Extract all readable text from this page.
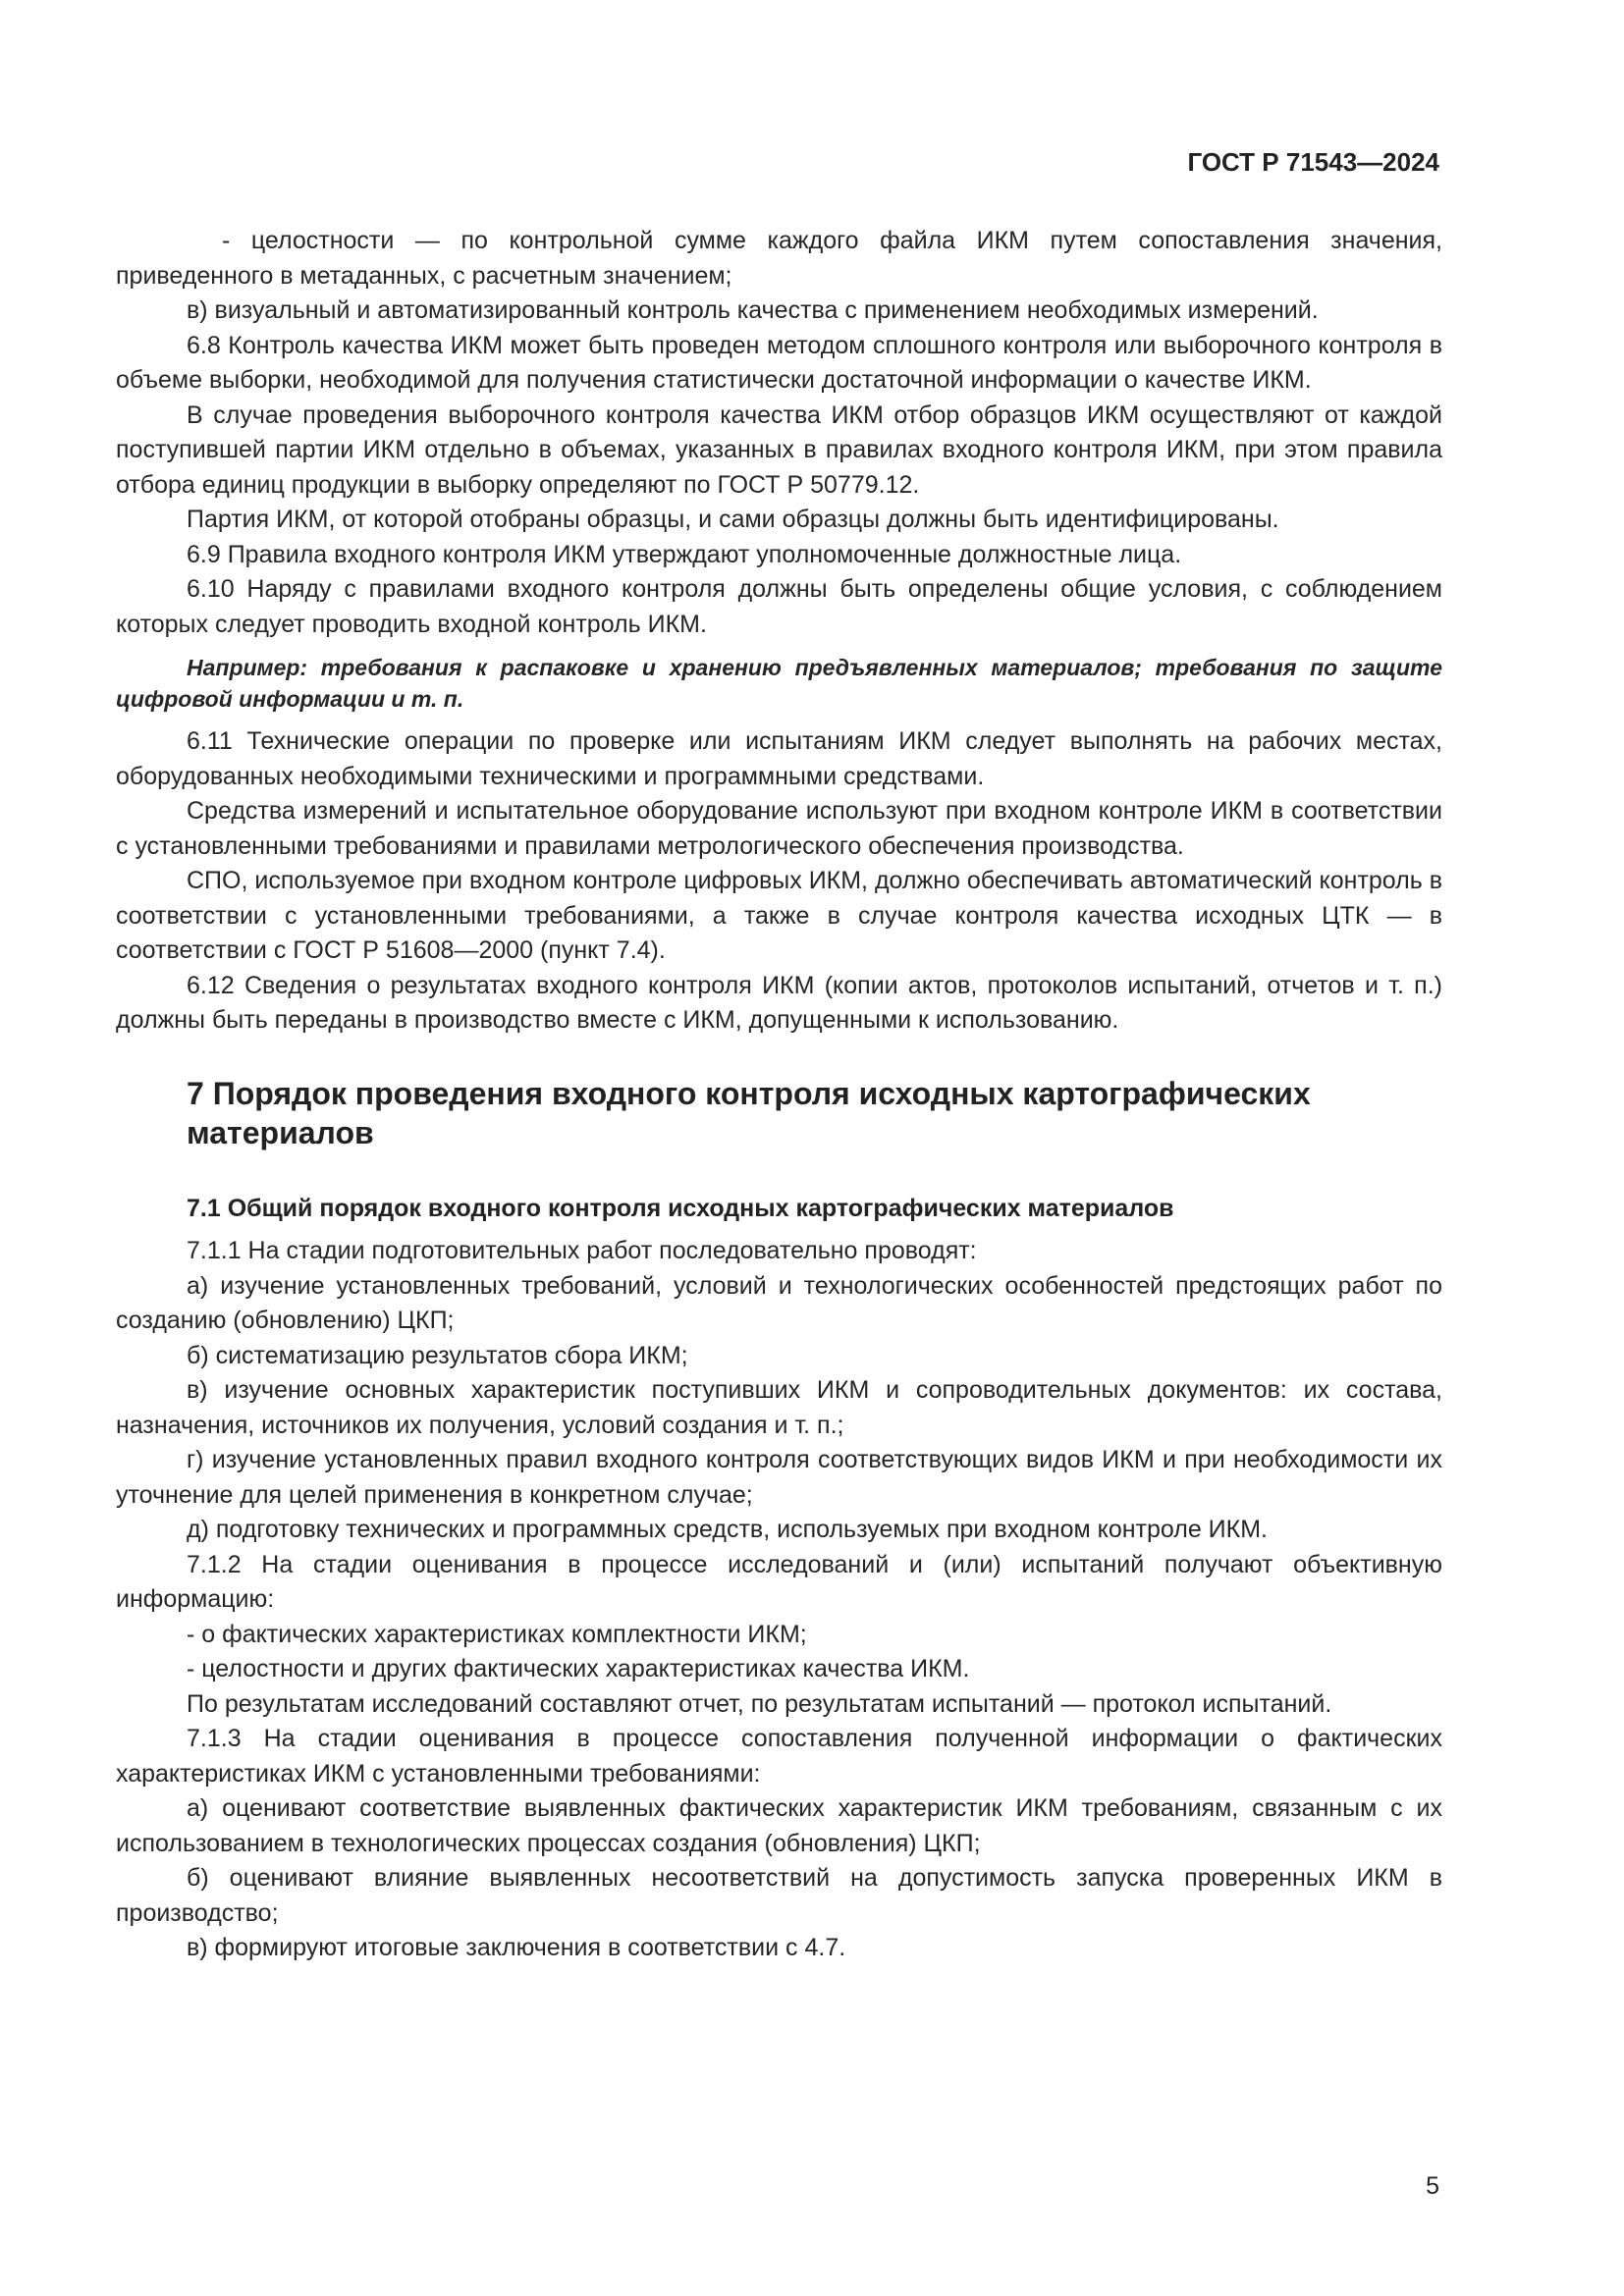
ГОСТ Р 71543—2024

- целостности — по контрольной сумме каждого файла ИКМ путем сопоставления значения, приведенного в метаданных, с расчетным значением;

в) визуальный и автоматизированный контроль качества с применением необходимых измерений.

6.8 Контроль качества ИКМ может быть проведен методом сплошного контроля или выборочного контроля в объеме выборки, необходимой для получения статистически достаточной информации о качестве ИКМ.

В случае проведения выборочного контроля качества ИКМ отбор образцов ИКМ осуществляют от каждой поступившей партии ИКМ отдельно в объемах, указанных в правилах входного контроля ИКМ, при этом правила отбора единиц продукции в выборку определяют по ГОСТ Р 50779.12.

Партия ИКМ, от которой отобраны образцы, и сами образцы должны быть идентифицированы.

6.9 Правила входного контроля ИКМ утверждают уполномоченные должностные лица.

6.10 Наряду с правилами входного контроля должны быть определены общие условия, с соблюдением которых следует проводить входной контроль ИКМ.

Например: требования к распаковке и хранению предъявленных материалов; требования по защите цифровой информации и т. п.

6.11 Технические операции по проверке или испытаниям ИКМ следует выполнять на рабочих местах, оборудованных необходимыми техническими и программными средствами.

Средства измерений и испытательное оборудование используют при входном контроле ИКМ в соответствии с установленными требованиями и правилами метрологического обеспечения производства.

СПО, используемое при входном контроле цифровых ИКМ, должно обеспечивать автоматический контроль в соответствии с установленными требованиями, а также в случае контроля качества исходных ЦТК — в соответствии с ГОСТ Р 51608—2000 (пункт 7.4).

6.12 Сведения о результатах входного контроля ИКМ (копии актов, протоколов испытаний, отчетов и т. п.) должны быть переданы в производство вместе с ИКМ, допущенными к использованию.

7 Порядок проведения входного контроля исходных картографических материалов
7.1 Общий порядок входного контроля исходных картографических материалов

7.1.1 На стадии подготовительных работ последовательно проводят:

а) изучение установленных требований, условий и технологических особенностей предстоящих работ по созданию (обновлению) ЦКП;

б) систематизацию результатов сбора ИКМ;

в) изучение основных характеристик поступивших ИКМ и сопроводительных документов: их состава, назначения, источников их получения, условий создания и т. п.;

г) изучение установленных правил входного контроля соответствующих видов ИКМ и при необходимости их уточнение для целей применения в конкретном случае;

д) подготовку технических и программных средств, используемых при входном контроле ИКМ.

7.1.2 На стадии оценивания в процессе исследований и (или) испытаний получают объективную информацию:

- о фактических характеристиках комплектности ИКМ;

- целостности и других фактических характеристиках качества ИКМ.

По результатам исследований составляют отчет, по результатам испытаний — протокол испытаний.

7.1.3 На стадии оценивания в процессе сопоставления полученной информации о фактических характеристиках ИКМ с установленными требованиями:

а) оценивают соответствие выявленных фактических характеристик ИКМ требованиям, связанным с их использованием в технологических процессах создания (обновления) ЦКП;

б) оценивают влияние выявленных несоответствий на допустимость запуска проверенных ИКМ в производство;

в) формируют итоговые заключения в соответствии с 4.7.

5
